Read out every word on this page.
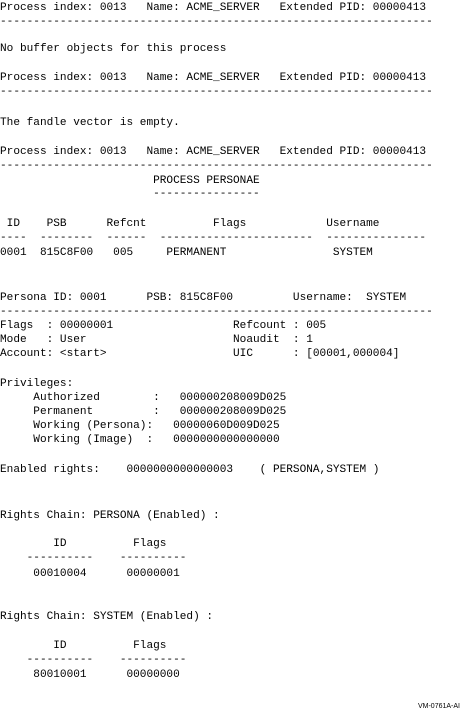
Process index: 0013   Name: ACME_SERVER   Extended PID: 00000413
-----------------------------------------------------------------
No buffer objects for this process
Process index: 0013   Name: ACME_SERVER   Extended PID: 00000413
-----------------------------------------------------------------
The fandle vector is empty.
Process index: 0013   Name: ACME_SERVER   Extended PID: 00000413
-----------------------------------------------------------------
PROCESS PERSONAE
----------------
ID    PSB      Refcnt          Flags            Username
----  --------  ------  -----------------------  ---------------
0001  815C8F00   005     PERMANENT                SYSTEM
Persona ID: 0001      PSB: 815C8F00         Username:  SYSTEM
-----------------------------------------------------------------
Flags  : 00000001                  Refcount : 005
Mode   : User                      Noaudit  : 1
Account: <start>                   UIC      : [00001,000004]
Privileges:
Authorized        :   000000208009D025
Permanent         :   000000208009D025
Working (Persona):   00000060D009D025
Working (Image)  :   0000000000000000
Enabled rights:    0000000000000003    ( PERSONA,SYSTEM )
Rights Chain: PERSONA (Enabled) :
ID          Flags
----------    ----------
00010004      00000001
Rights Chain: SYSTEM (Enabled) :
ID          Flags
----------    ----------
80010001      00000000
VM-0761A-AI
